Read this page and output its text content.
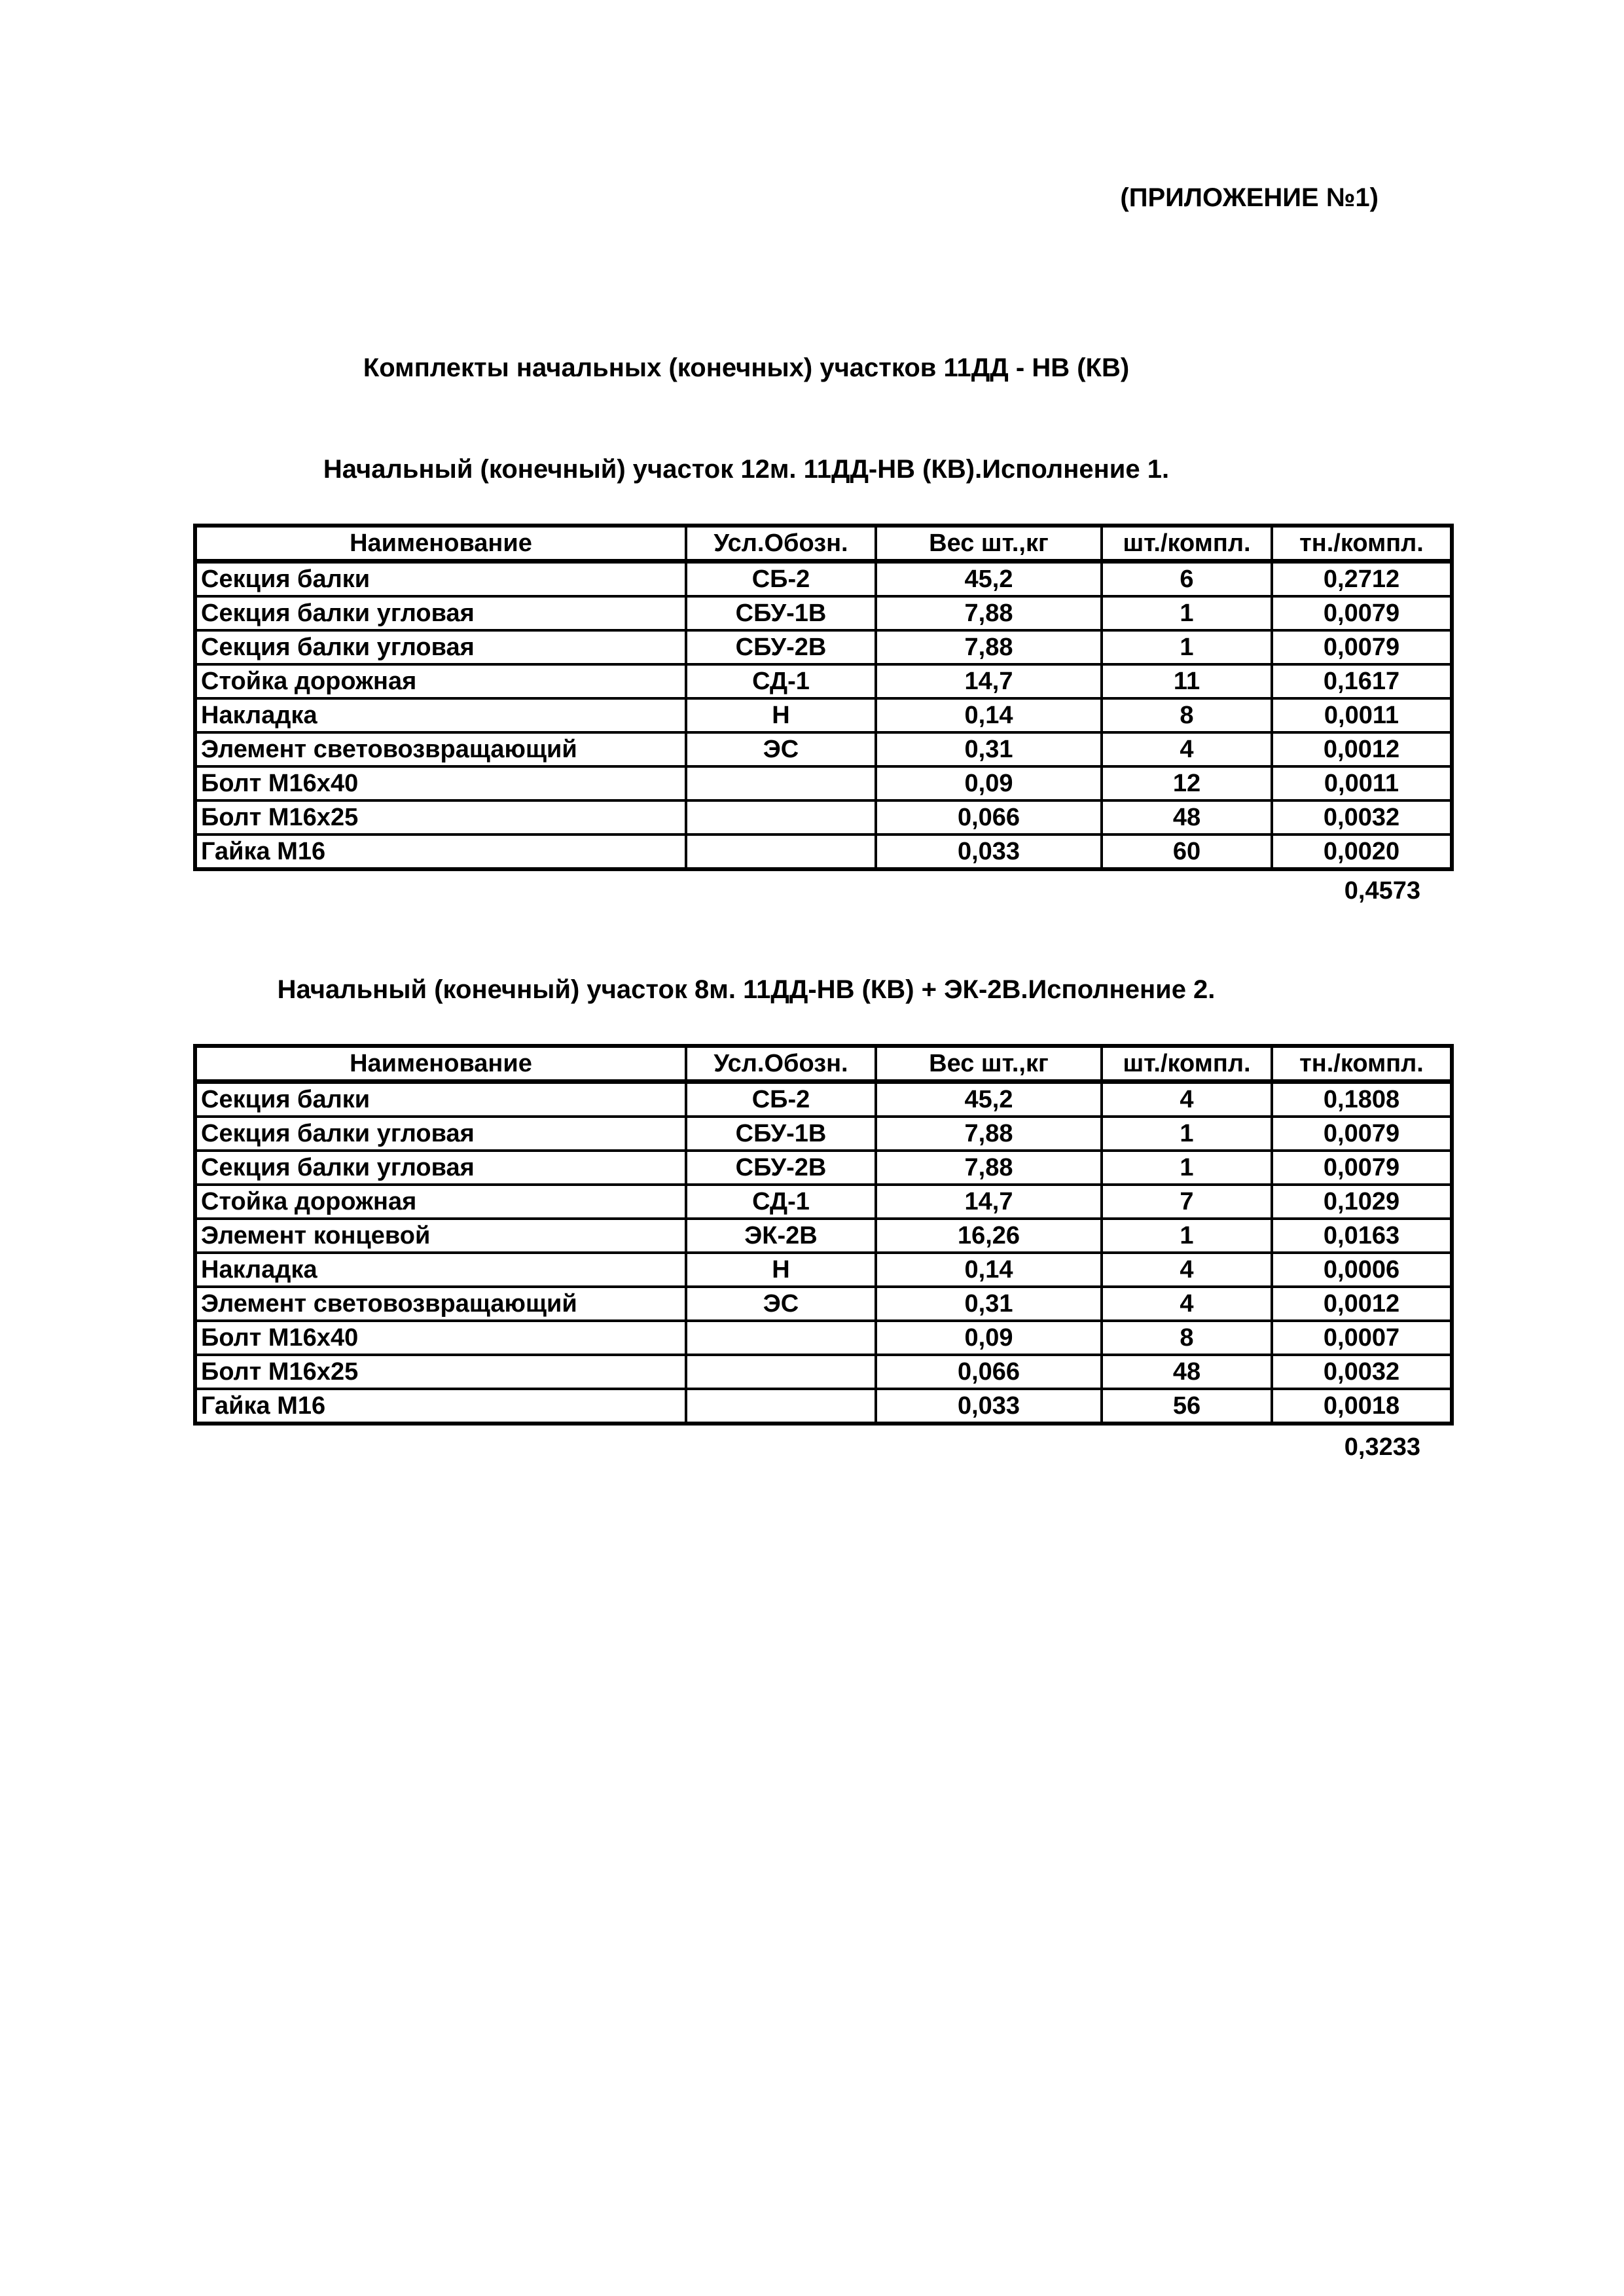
(ПРИЛОЖЕНИЕ №1)
Комплекты начальных (конечных) участков 11ДД - НВ (КВ)
Начальный (конечный) участок 12м. 11ДД-НВ (КВ).Исполнение 1.
Наименование	Усл.Обозн.	Вес шт.,кг	шт./компл.	тн./компл.
Секция балки	СБ-2	45,2	6	0,2712
Секция балки угловая	СБУ-1В	7,88	1	0,0079
Секция балки угловая	СБУ-2В	7,88	1	0,0079
Стойка дорожная	СД-1	14,7	11	0,1617
Накладка	Н	0,14	8	0,0011
Элемент световозвращающий	ЭС	0,31	4	0,0012
Болт М16х40		0,09	12	0,0011
Болт М16х25		0,066	48	0,0032
Гайка М16		0,033	60	0,0020
0,4573
Начальный (конечный) участок 8м. 11ДД-НВ (КВ) + ЭК-2В.Исполнение 2.
Наименование	Усл.Обозн.	Вес шт.,кг	шт./компл.	тн./компл.
Секция балки	СБ-2	45,2	4	0,1808
Секция балки угловая	СБУ-1В	7,88	1	0,0079
Секция балки угловая	СБУ-2В	7,88	1	0,0079
Стойка дорожная	СД-1	14,7	7	0,1029
Элемент концевой	ЭК-2В	16,26	1	0,0163
Накладка	Н	0,14	4	0,0006
Элемент световозвращающий	ЭС	0,31	4	0,0012
Болт М16х40		0,09	8	0,0007
Болт М16х25		0,066	48	0,0032
Гайка М16		0,033	56	0,0018
0,3233
